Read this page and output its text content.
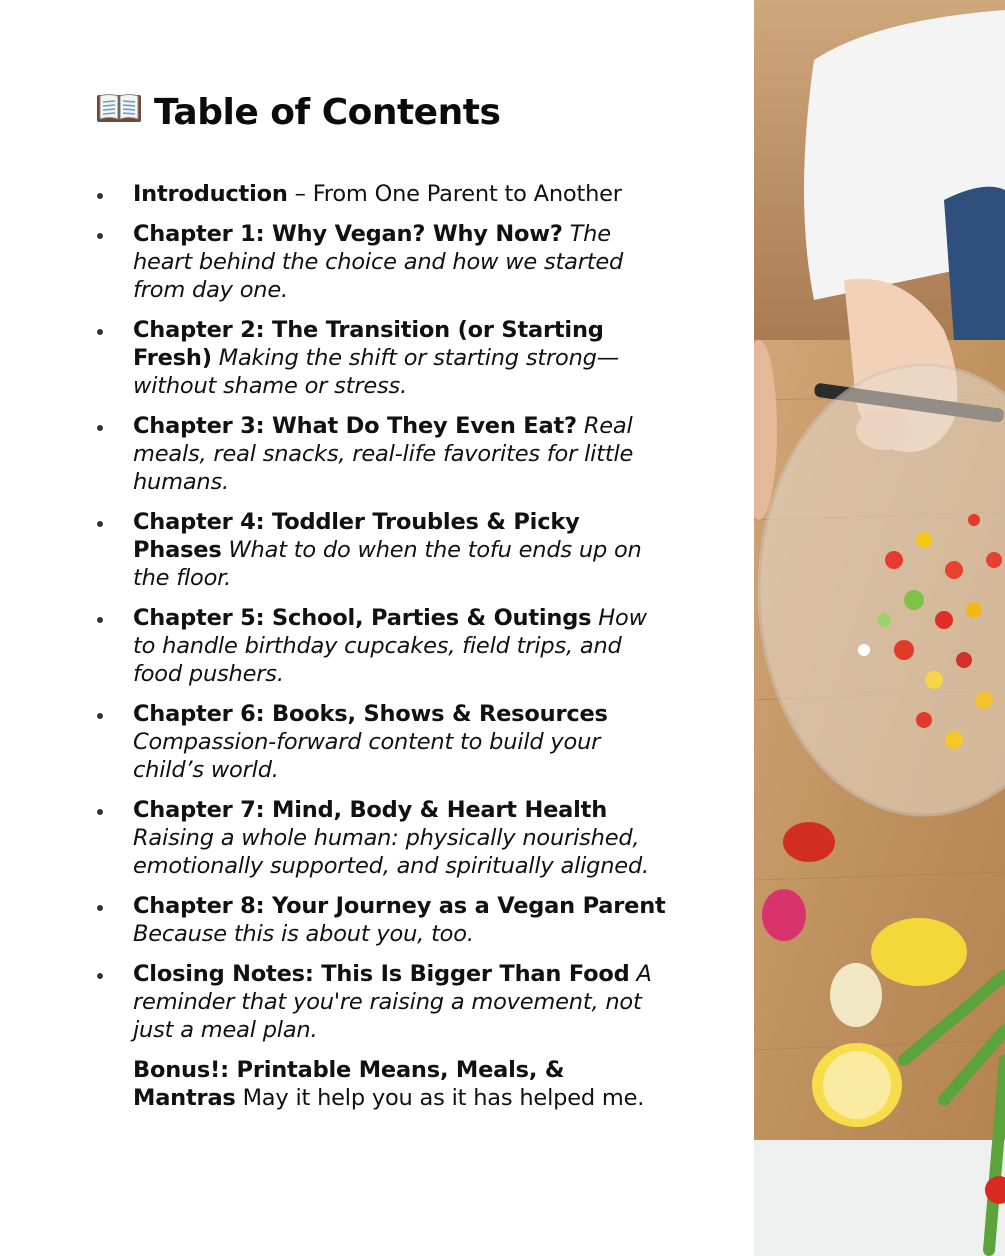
Table of Contents
Introduction – From One Parent to Another
Chapter 1: Why Vegan? Why Now? The heart behind the choice and how we started from day one.
Chapter 2: The Transition (or Starting Fresh) Making the shift or starting strong—without shame or stress.
Chapter 3: What Do They Even Eat? Real meals, real snacks, real-life favorites for little humans.
Chapter 4: Toddler Troubles & Picky Phases What to do when the tofu ends up on the floor.
Chapter 5: School, Parties & Outings How to handle birthday cupcakes, field trips, and food pushers.
Chapter 6: Books, Shows & Resources Compassion-forward content to build your child’s world.
Chapter 7: Mind, Body & Heart Health Raising a whole human: physically nourished, emotionally supported, and spiritually aligned.
Chapter 8: Your Journey as a Vegan Parent Because this is about you, too.
Closing Notes: This Is Bigger Than Food A reminder that you're raising a movement, not just a meal plan.
Bonus!: Printable Means, Meals, & Mantras May it help you as it has helped me.
